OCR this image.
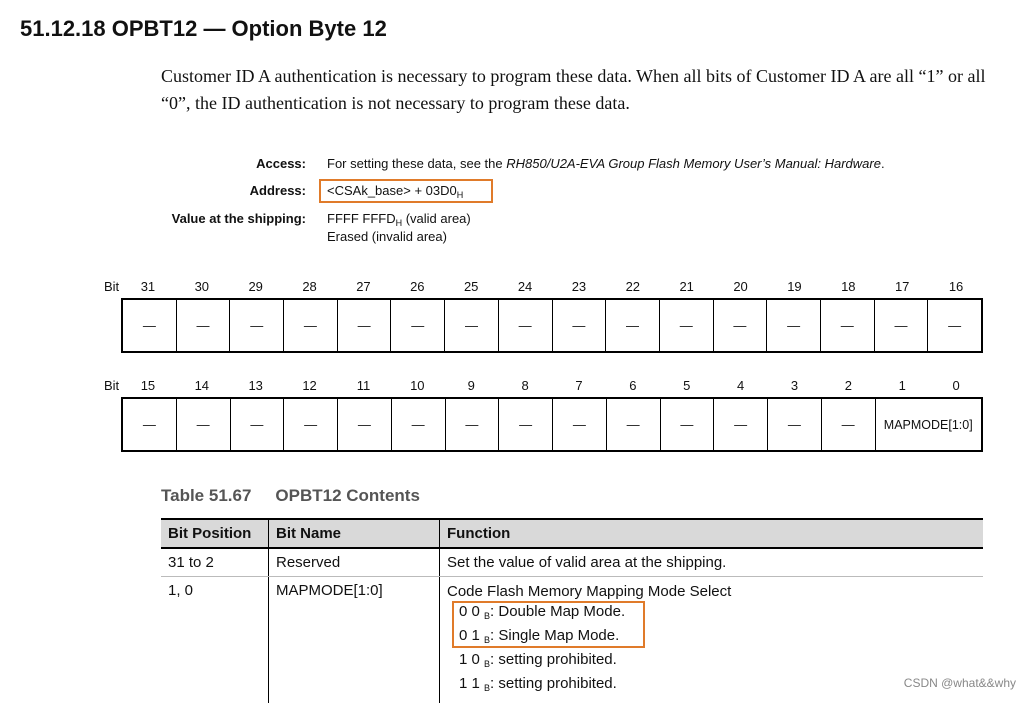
51.12.18 OPBT12 — Option Byte 12
Customer ID A authentication is necessary to program these data. When all bits of Customer ID A are all “1” or all “0”, the ID authentication is not necessary to program these data.
Access: For setting these data, see the RH850/U2A-EVA Group Flash Memory User’s Manual: Hardware.
Address: <CSAk_base> + $03D0_H$
Value at the shipping: FFFF $FFFD_H$ (valid area)
Erased (invalid area)
Bit	31	30	29	28	27	26	25	24	23	22	21	20	19	18	17	16
—	—	—	—	—	—	—	—	—	—	—	—	—	—	—	—
Bit	15	14	13	12	11	10	9	8	7	6	5	4	3	2	1	0
—	—	—	—	—	—	—	—	—	—	—	—	—	—	MAPMODE[1:0]
Table 51.67 OPBT12 Contents
Bit Position	Bit Name	Function
31 to 2	Reserved	Set the value of valid area at the shipping.
1, 0	MAPMODE[1:0]	Code Flash Memory Mapping Mode Select
0 0 $_B$: Double Map Mode.
0 1 $_B$: Single Map Mode.
1 0 $_B$: setting prohibited.
1 1 $_B$: setting prohibited.	CSDN @what&&why
